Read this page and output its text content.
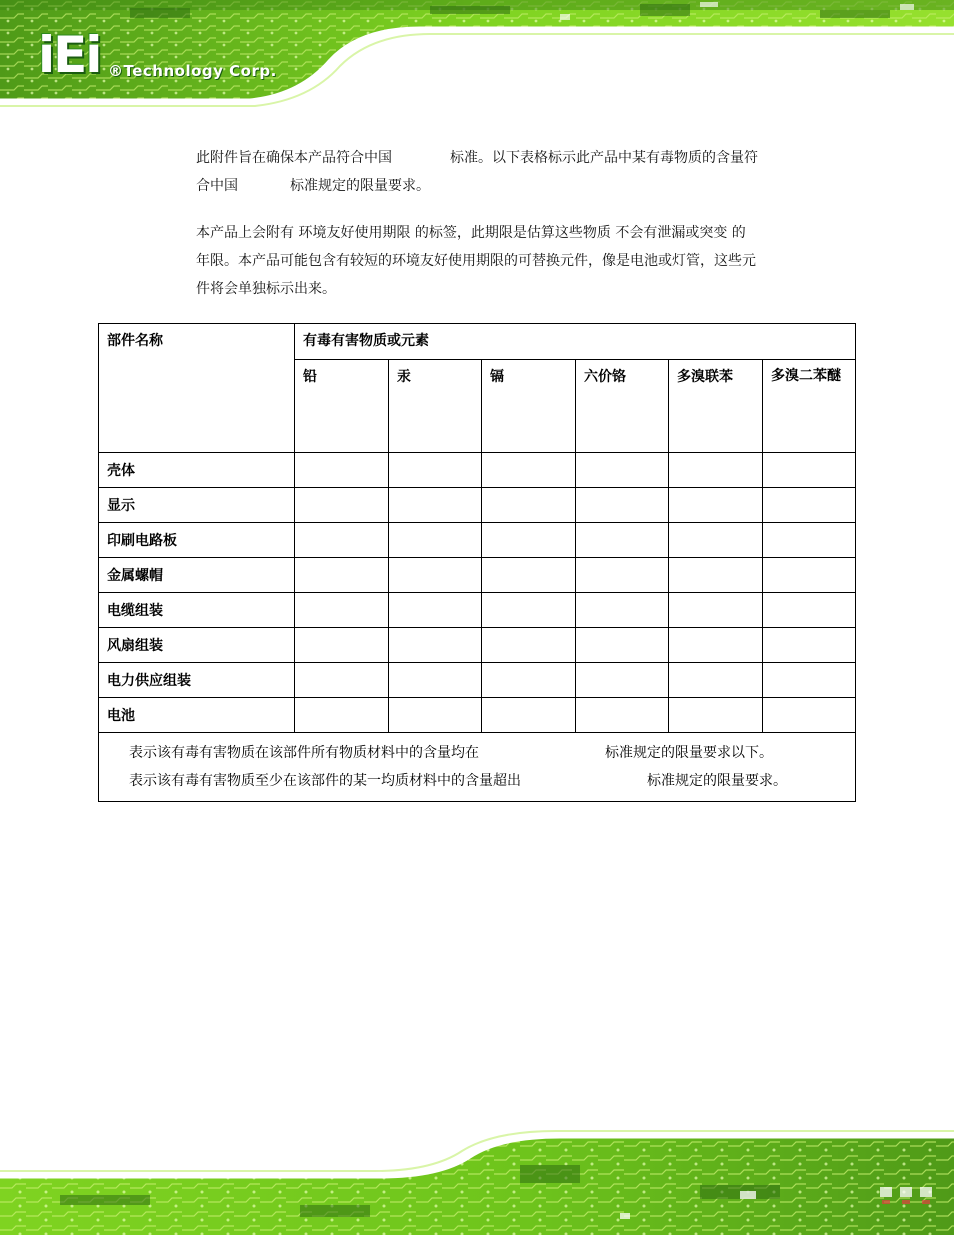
iEi ®Technology Corp.
此附件旨在确保本产品符合中国	标准。以下表格标示此产品中某有毒物质的含量符
合中国	标准规定的限量要求。
本产品上会附有 环境友好使用期限 的标签，此期限是估算这些物质 不会有泄漏或突变 的
年限。本产品可能包含有较短的环境友好使用期限的可替换元件，像是电池或灯管，这些元
件将会单独标示出来。
部件名称	有毒有害物质或元素					
	铅	汞	镉	六价铬	多溴联苯	多溴二苯醚
壳体						
显示						
印刷电路板						
金属螺帽						
电缆组装						
风扇组装						
电力供应组装						
电池						

表示该有毒有害物质在该部件所有物质材料中的含量均在 标准规定的限量要求以下。
表示该有毒有害物质至少在该部件的某一均质材料中的含量超出 标准规定的限量要求。						
